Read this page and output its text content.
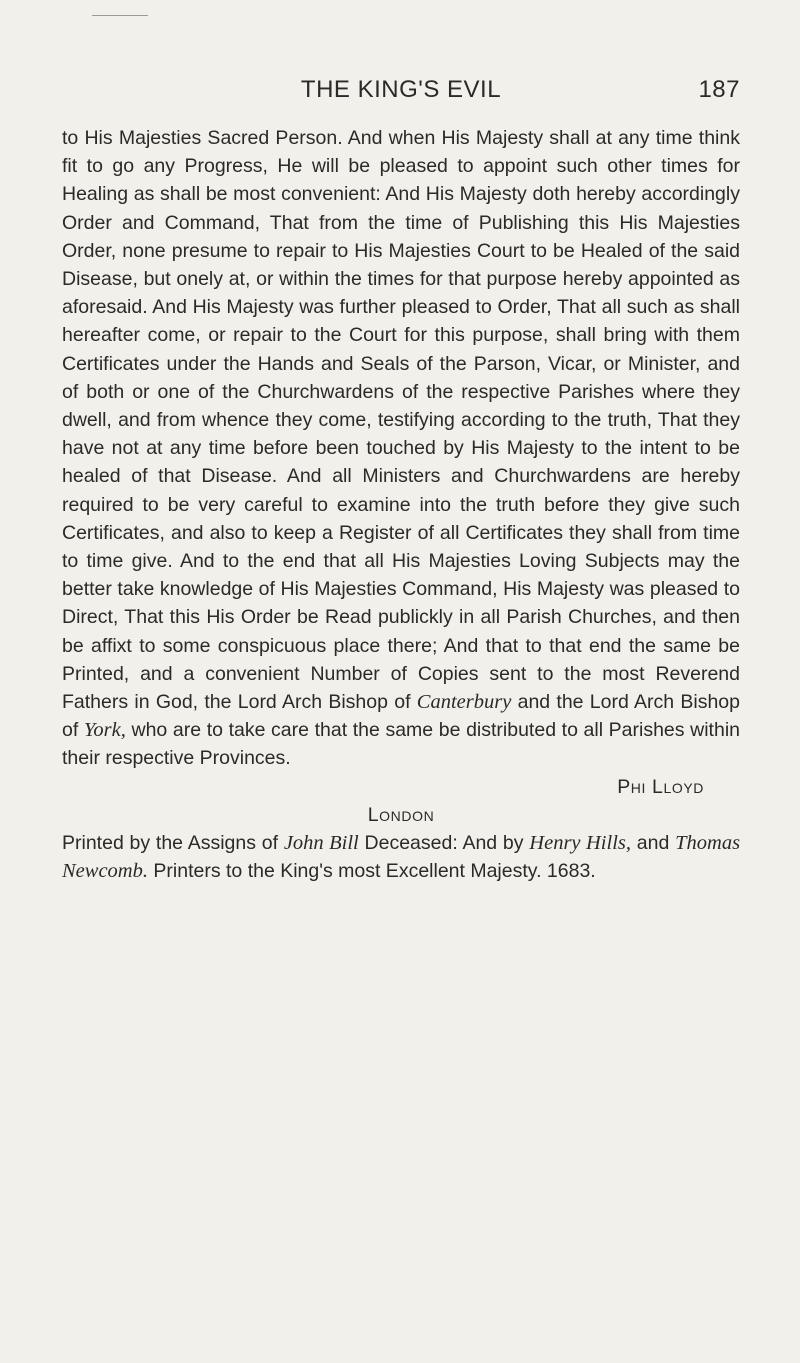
THE KING'S EVIL	187

to His Majesties Sacred Person. And when His Majesty shall at any time think fit to go any Progress, He will be pleased to appoint such other times for Healing as shall be most convenient: And His Majesty doth hereby accordingly Order and Command, That from the time of Publishing this His Majesties Order, none presume to repair to His Majesties Court to be Healed of the said Disease, but onely at, or within the times for that purpose hereby appointed as aforesaid. And His Majesty was further pleased to Order, That all such as shall hereafter come, or repair to the Court for this purpose, shall bring with them Certificates under the Hands and Seals of the Parson, Vicar, or Minister, and of both or one of the Churchwardens of the respective Parishes where they dwell, and from whence they come, testifying according to the truth, That they have not at any time before been touched by His Majesty to the intent to be healed of that Disease. And all Ministers and Churchwardens are hereby required to be very careful to examine into the truth before they give such Certificates, and also to keep a Register of all Certificates they shall from time to time give. And to the end that all His Majesties Loving Subjects may the better take knowledge of His Majesties Command, His Majesty was pleased to Direct, That this His Order be Read publickly in all Parish Churches, and then be affixt to some conspicuous place there; And that to that end the same be Printed, and a convenient Number of Copies sent to the most Reverend Fathers in God, the Lord Arch Bishop of Canterbury and the Lord Arch Bishop of York, who are to take care that the same be distributed to all Parishes within their respective Provinces.

Phi Lloyd
London

Printed by the Assigns of John Bill Deceased: And by Henry Hills, and Thomas Newcomb. Printers to the King's most Excellent Majesty. 1683.
